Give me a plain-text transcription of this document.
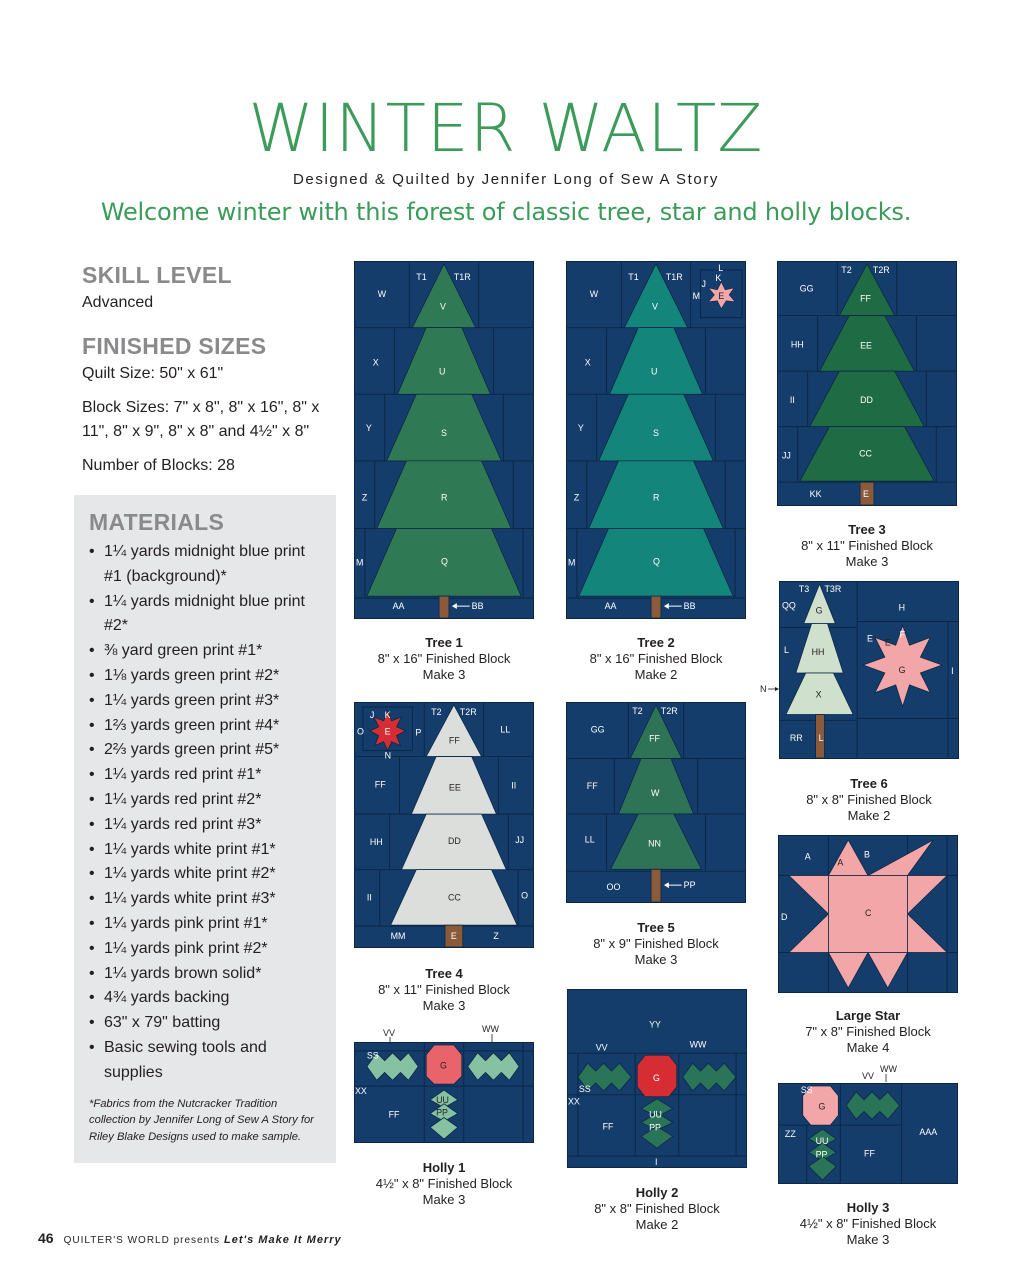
WINTER WALTZ
Designed & Quilted by Jennifer Long of Sew A Story
Welcome winter with this forest of classic tree, star and holly blocks.
SKILL LEVEL
Advanced
FINISHED SIZES
Quilt Size: 50" x 61"
Block Sizes: 7" x 8", 8" x 16", 8" x 11", 8" x 9", 8" x 8" and 4½" x 8"
Number of Blocks: 28
MATERIALS
• 1¼ yards midnight blue print #1 (background)*
• 1¼ yards midnight blue print #2*
• ⅜ yard green print #1*
• 1⅛ yards green print #2*
• 1¼ yards green print #3*
• 1⅔ yards green print #4*
• 2⅔ yards green print #5*
• 1¼ yards red print #1*
• 1¼ yards red print #2*
• 1¼ yards red print #3*
• 1¼ yards white print #1*
• 1¼ yards white print #2*
• 1¼ yards white print #3*
• 1¼ yards pink print #1*
• 1¼ yards pink print #2*
• 1¼ yards brown solid*
• 4¾ yards backing
• 63" x 79" batting
• Basic sewing tools and supplies
*Fabrics from the Nutcracker Tradition collection by Jennifer Long of Sew A Story for Riley Blake Designs used to make sample.
T1	T1R
W
V
X
U
Y	S
Z	R
M	Q
AA	BB
Tree 1
8" x 16" Finished Block
Make 3
T1	T1R
W
V
X
U
Y	S
Z	R
M	Q
AA	BB
J
K
L
M E
Tree 2
8" x 16" Finished Block
Make 2
T2 T2R
GG
FF
HH	EE
II	DD
JJ	CC
KK	E
Tree 3
8" x 11" Finished Block
Make 3
T3 T3R
QQ G	H
E	F
L	HH
G
E
I
X
RR L
N
Tree 6
8" x 8" Finished Block
Make 2
J K
O E	P
N
T2 T2R
FF
LL
FF	EE	II
HH	DD	JJ
II	CC	O
MM	E	Z
Tree 4
8" x 11" Finished Block
Make 3
T2 T2R
GG
FF
FF
W
LL	NN
OO	PP
Tree 5
8" x 9" Finished Block
Make 3
A
A
B
C
D
Large Star
7" x 8" Finished Block
Make 4
SS
G
XX
FF
UU
PP
VV	WW
Holly 1
4½" x 8" Finished Block
Make 3
YY
VV	WW
SS
G
XX
FF
UU
PP
I
Holly 2
8" x 8" Finished Block
Make 2
SS
G
ZZ	AAA
UU
PP	FF
VV
WW
Holly 3
4½" x 8" Finished Block
Make 3
46 QUILTER'S WORLD presents Let's Make It Merry
